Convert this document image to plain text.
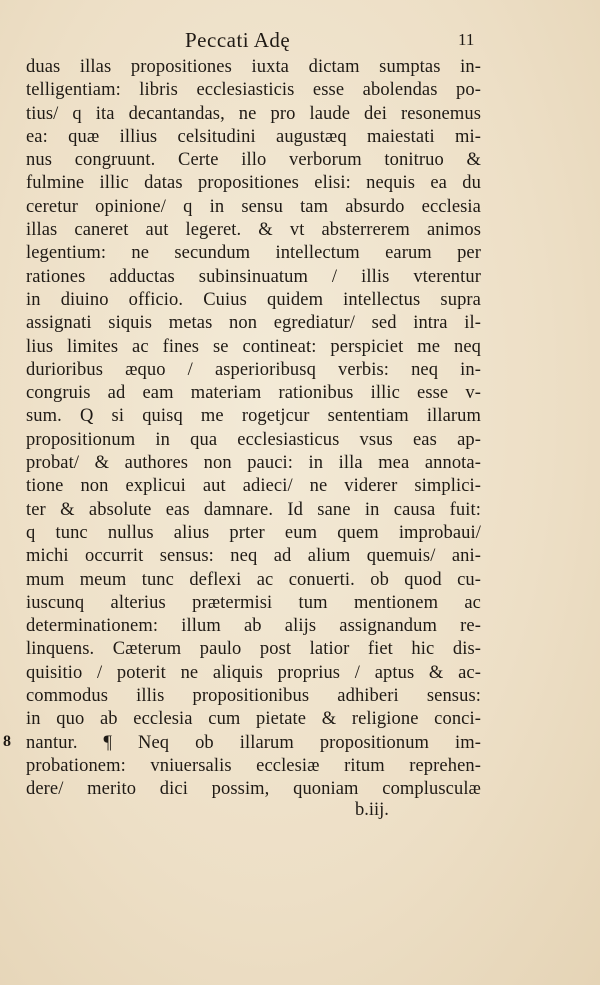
Peccati Adę	11
duas illas propositiones iuxta dictam sumptas in-
telligentiam: libris ecclesiasticis esse abolendas po-
tius/ q ita decantandas, ne pro laude dei resonemus
ea: quæ illius celsitudini augustæq maiestati mi-
nus congruunt. Certe illo verborum tonitruo &
fulmine illic datas propositiones elisi: nequis ea du
ceretur opinione/ q in sensu tam absurdo ecclesia
illas caneret aut legeret. & vt absterrerem animos
legentium: ne secundum intellectum earum per
rationes adductas subinsinuatum / illis vterentur
in diuino officio. Cuius quidem intellectus supra
assignati siquis metas non egrediatur/ sed intra il-
lius limites ac fines se contineat: perspiciet me neq
durioribus æquo / asperioribusq verbis: neq in-
congruis ad eam materiam rationibus illic esse v-
sum. Q si quisq me rogetjcur sententiam illarum
propositionum in qua ecclesiasticus vsus eas ap-
probat/ & authores non pauci: in illa mea annota-
tione non explicui aut adieci/ ne viderer simplici-
ter & absolute eas damnare. Id sane in causa fuit:
q tunc nullus alius prter eum quem improbaui/
michi occurrit sensus: neq ad alium quemuis/ ani-
mum meum tunc deflexi ac conuerti. ob quod cu-
iuscunq alterius prætermisi tum mentionem ac
determinationem: illum ab alijs assignandum re-
linquens. Cæterum paulo post latior fiet hic dis-
quisitio / poterit ne aliquis proprius / aptus & ac-
commodus illis propositionibus adhiberi sensus:
in quo ab ecclesia cum pietate & religione conci-
nantur. ¶ Neq ob illarum propositionum im-
probationem: vniuersalis ecclesiæ ritum reprehen-
dere/ merito dici possim, quoniam complusculæ
8
b.iij.
